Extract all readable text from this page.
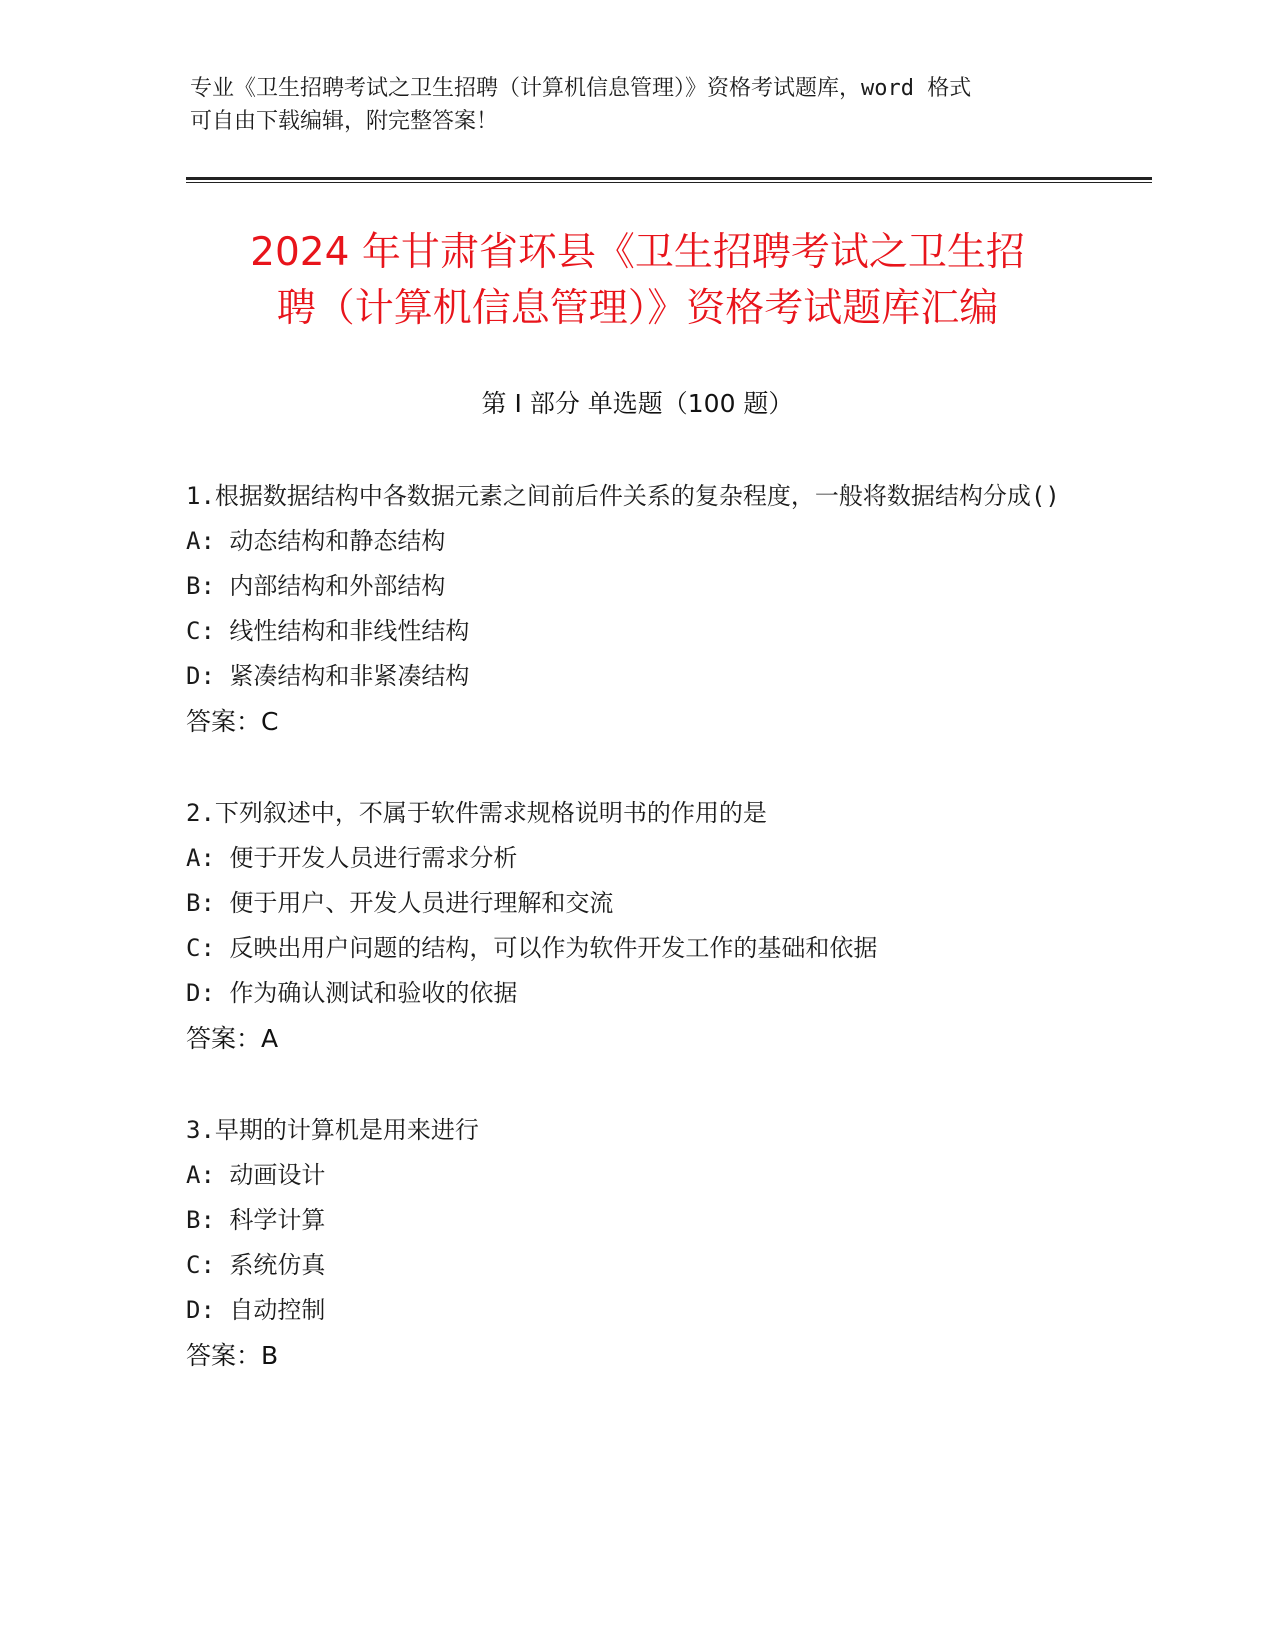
专业《卫生招聘考试之卫生招聘（计算机信息管理）》资格考试题库，word 格式
可自由下载编辑，附完整答案！
2024 年甘肃省环县《卫生招聘考试之卫生招
聘（计算机信息管理）》资格考试题库汇编
第 I 部分 单选题（100 题）

1.根据数据结构中各数据元素之间前后件关系的复杂程度，一般将数据结构分成()

A: 动态结构和静态结构

B: 内部结构和外部结构

C: 线性结构和非线性结构

D: 紧凑结构和非紧凑结构

答案：C

2.下列叙述中，不属于软件需求规格说明书的作用的是

A: 便于开发人员进行需求分析

B: 便于用户、开发人员进行理解和交流

C: 反映出用户问题的结构，可以作为软件开发工作的基础和依据

D: 作为确认测试和验收的依据

答案：A

3.早期的计算机是用来进行

A: 动画设计

B: 科学计算

C: 系统仿真

D: 自动控制

答案：B
